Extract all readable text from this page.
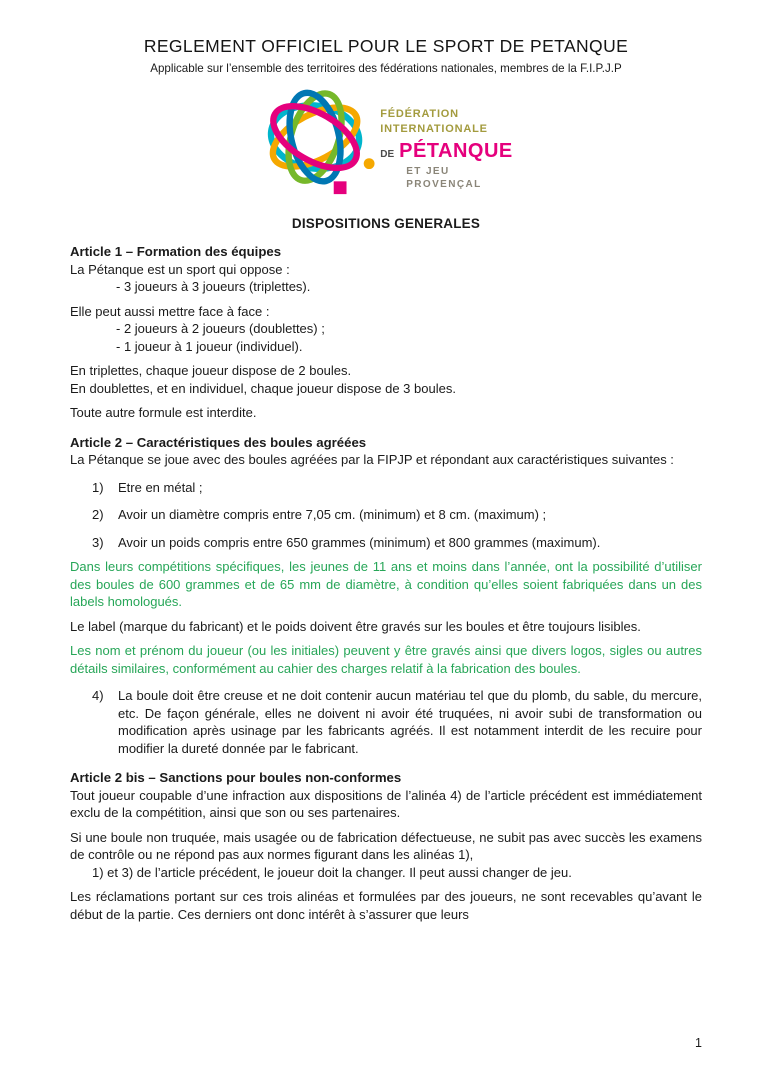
REGLEMENT OFFICIEL POUR LE SPORT DE PETANQUE
Applicable sur l’ensemble des territoires des fédérations nationales, membres de la F.I.P.J.P
FÉDÉRATION
INTERNATIONALE
DE PÉTANQUE
ET JEU
PROVENÇAL
DISPOSITIONS GENERALES
Article 1 – Formation des équipes
La Pétanque est un sport qui oppose :
- 3 joueurs à 3 joueurs (triplettes).
Elle peut aussi mettre face à face :
- 2 joueurs à 2 joueurs (doublettes) ;
- 1 joueur à 1 joueur (individuel).
En triplettes, chaque joueur dispose de 2 boules.
En doublettes, et en individuel, chaque joueur dispose de 3 boules.
Toute autre formule est interdite.
Article 2 – Caractéristiques des boules agréées
La Pétanque se joue avec des boules agréées par la FIPJP et répondant aux caractéristiques suivantes :
1)	Etre en métal ;
2)	Avoir un diamètre compris entre 7,05 cm. (minimum) et 8 cm. (maximum) ;
3)	Avoir un poids compris entre 650 grammes (minimum) et 800 grammes (maximum).
Dans leurs compétitions spécifiques, les jeunes de 11 ans et moins dans l’année, ont la possibilité d’utiliser des boules de 600 grammes et de 65 mm de diamètre, à condition qu’elles soient fabriquées dans un des labels homologués.
Le label (marque du fabricant) et le poids doivent être gravés sur les boules et être toujours lisibles.
Les nom et prénom du joueur (ou les initiales) peuvent y être gravés ainsi que divers logos, sigles ou autres détails similaires, conformément au cahier des charges relatif à la fabrication des boules.
4)	La boule doit être creuse et ne doit contenir aucun matériau tel que du plomb, du sable, du mercure, etc. De façon générale, elles ne doivent ni avoir été truquées, ni avoir subi de transformation ou modification après usinage par les fabricants agréés. Il est notamment interdit de les recuire pour modifier la dureté donnée par le fabricant.
Article 2 bis – Sanctions pour boules non-conformes
Tout joueur coupable d’une infraction aux dispositions de l’alinéa 4) de l’article précédent est immédiatement exclu de la compétition, ainsi que son ou ses partenaires.
Si une boule non truquée, mais usagée ou de fabrication défectueuse, ne subit pas avec succès les examens de contrôle ou ne répond pas aux normes figurant dans les alinéas 1),
1) et 3) de l’article précédent, le joueur doit la changer. Il peut aussi changer de jeu.
Les réclamations portant sur ces trois alinéas et formulées par des joueurs, ne sont recevables qu’avant le début de la partie. Ces derniers ont donc intérêt à s’assurer que leurs
1
